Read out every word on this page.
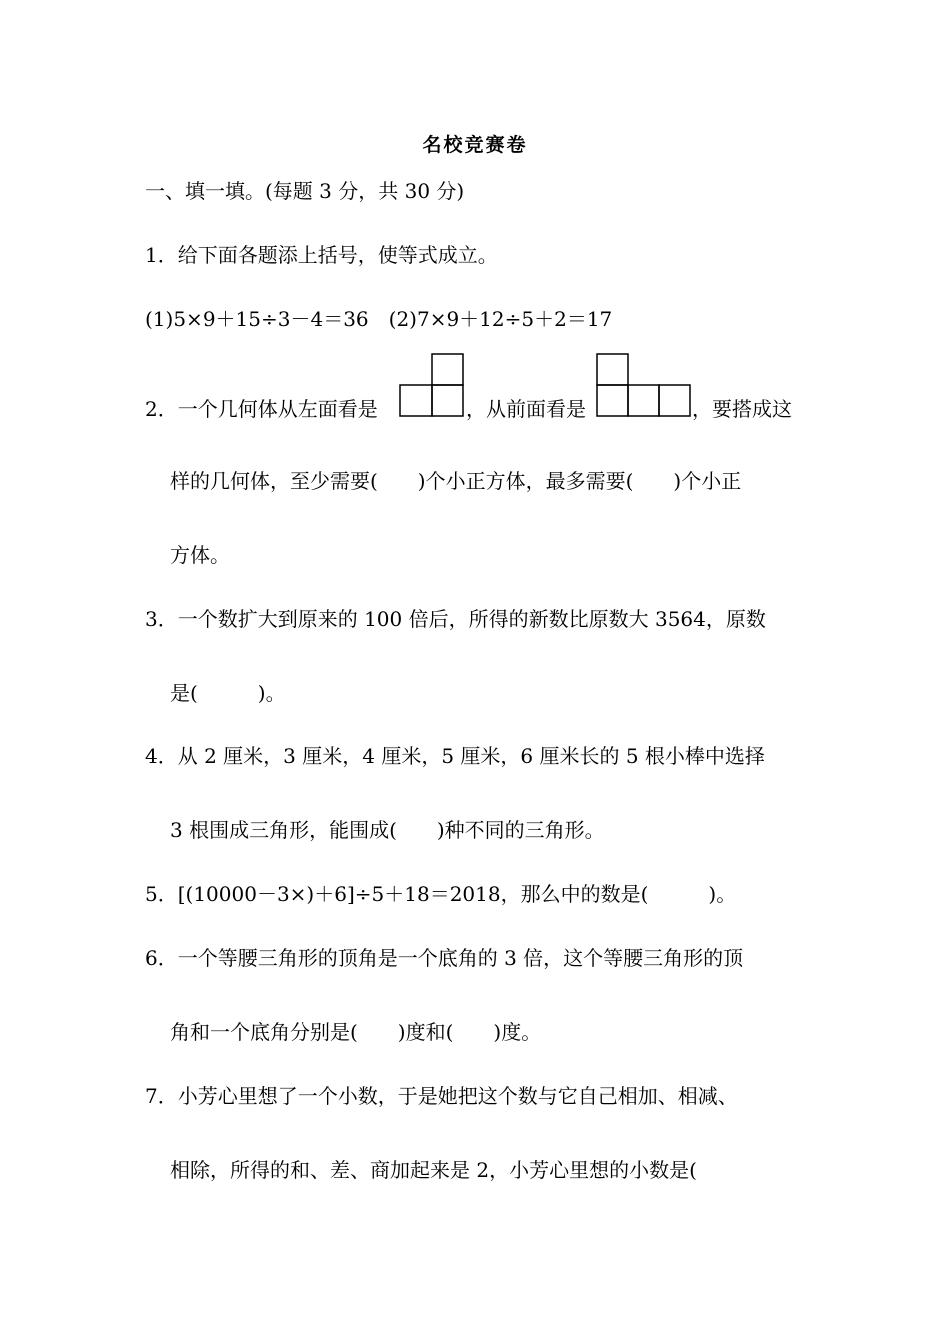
名校竞赛卷
一、填一填。(每题 3 分，共 30 分)
1．给下面各题添上括号，使等式成立。
(1)5×9＋15÷3－4＝36　(2)7×9＋12÷5＋2＝17
2．一个几何体从左面看是	，从前面看是	，要搭成这
样的几何体，至少需要(　　)个小正方体，最多需要(　　)个小正
方体。
3．一个数扩大到原来的 100 倍后，所得的新数比原数大 3564，原数
是(　　　)。
4．从 2 厘米，3 厘米，4 厘米，5 厘米，6 厘米长的 5 根小棒中选择
3 根围成三角形，能围成(　　)种不同的三角形。
5．[(10000－3×)＋6]÷5＋18＝2018，那么中的数是(　　　)。
6．一个等腰三角形的顶角是一个底角的 3 倍，这个等腰三角形的顶
角和一个底角分别是(　　)度和(　　)度。
7．小芳心里想了一个小数，于是她把这个数与它自己相加、相减、
相除，所得的和、差、商加起来是 2，小芳心里想的小数是(
